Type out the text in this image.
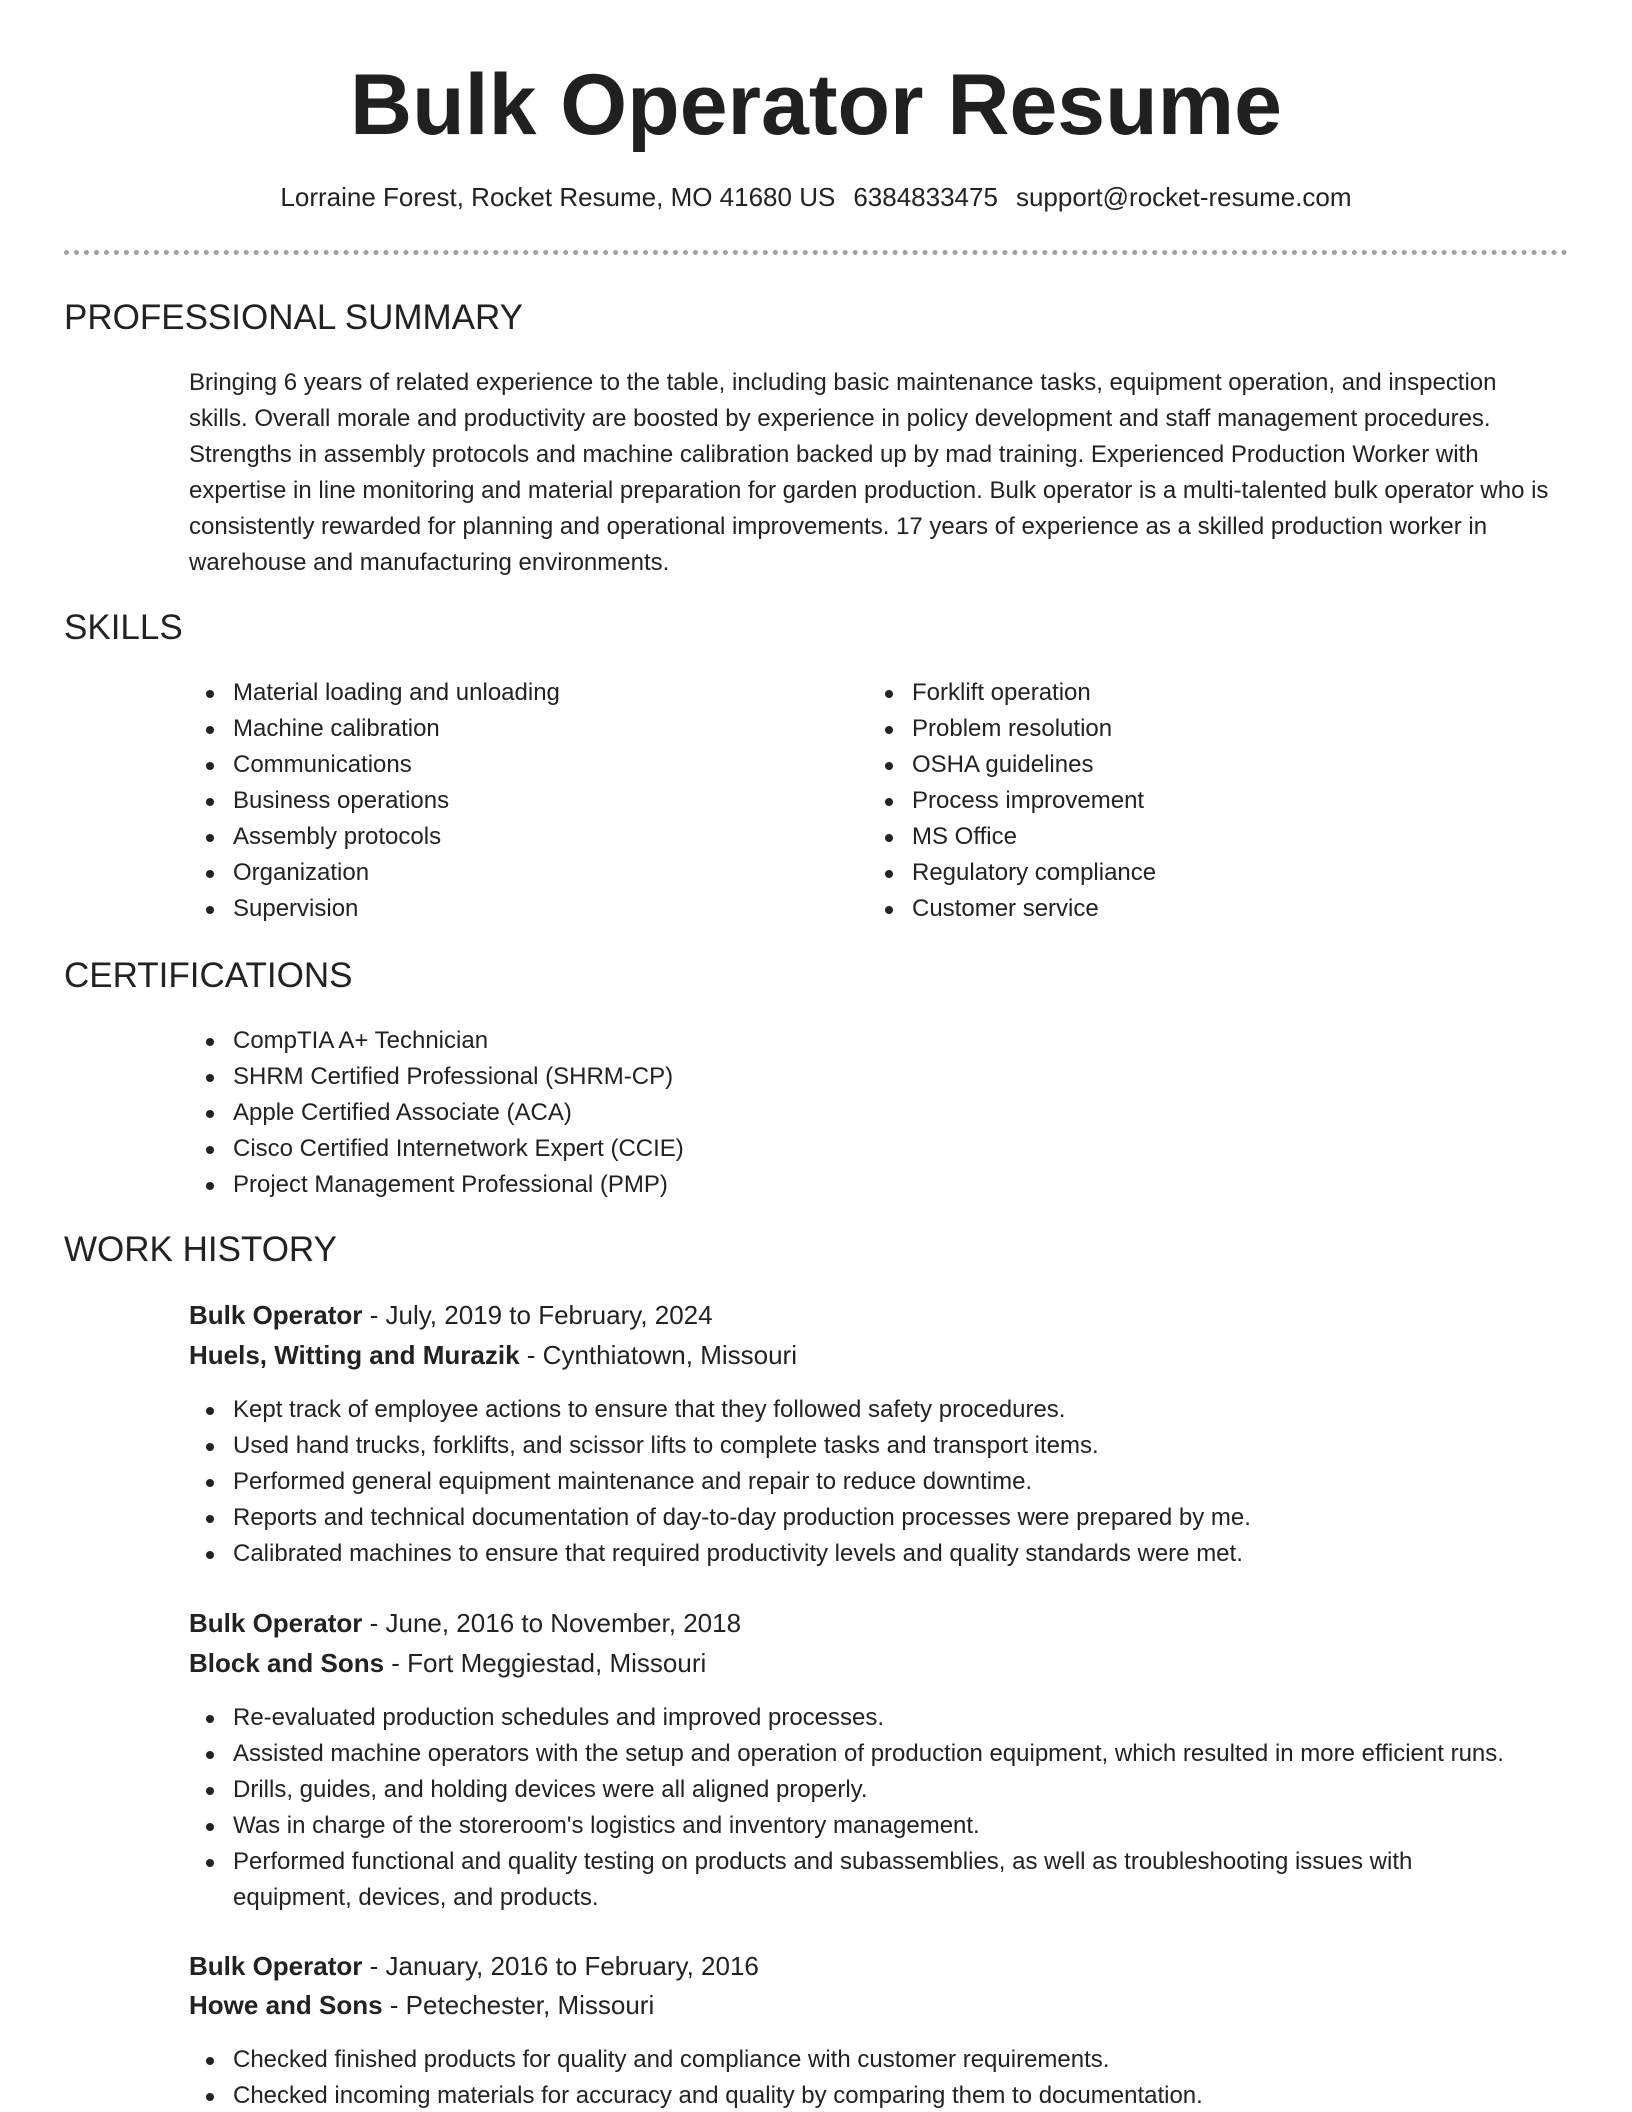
Bulk Operator Resume
Lorraine Forest, Rocket Resume, MO 41680 US 6384833475 support@rocket-resume.com
PROFESSIONAL SUMMARY

Bringing 6 years of related experience to the table, including basic maintenance tasks, equipment operation, and inspection skills. Overall morale and productivity are boosted by experience in policy development and staff management procedures. Strengths in assembly protocols and machine calibration backed up by mad training. Experienced Production Worker with expertise in line monitoring and material preparation for garden production. Bulk operator is a multi-talented bulk operator who is consistently rewarded for planning and operational improvements. 17 years of experience as a skilled production worker in warehouse and manufacturing environments.

SKILLS
Material loading and unloading
Machine calibration
Communications
Business operations
Assembly protocols
Organization
Supervision
Forklift operation
Problem resolution
OSHA guidelines
Process improvement
MS Office
Regulatory compliance
Customer service
CERTIFICATIONS
CompTIA A+ Technician
SHRM Certified Professional (SHRM-CP)
Apple Certified Associate (ACA)
Cisco Certified Internetwork Expert (CCIE)
Project Management Professional (PMP)
WORK HISTORY
Bulk Operator - July, 2019 to February, 2024
Huels, Witting and Murazik - Cynthiatown, Missouri
Kept track of employee actions to ensure that they followed safety procedures.
Used hand trucks, forklifts, and scissor lifts to complete tasks and transport items.
Performed general equipment maintenance and repair to reduce downtime.
Reports and technical documentation of day-to-day production processes were prepared by me.
Calibrated machines to ensure that required productivity levels and quality standards were met.
Bulk Operator - June, 2016 to November, 2018
Block and Sons - Fort Meggiestad, Missouri
Re-evaluated production schedules and improved processes.
Assisted machine operators with the setup and operation of production equipment, which resulted in more efficient runs.
Drills, guides, and holding devices were all aligned properly.
Was in charge of the storeroom's logistics and inventory management.
Performed functional and quality testing on products and subassemblies, as well as troubleshooting issues with equipment, devices, and products.
Bulk Operator - January, 2016 to February, 2016
Howe and Sons - Petechester, Missouri
Checked finished products for quality and compliance with customer requirements.
Checked incoming materials for accuracy and quality by comparing them to documentation.
